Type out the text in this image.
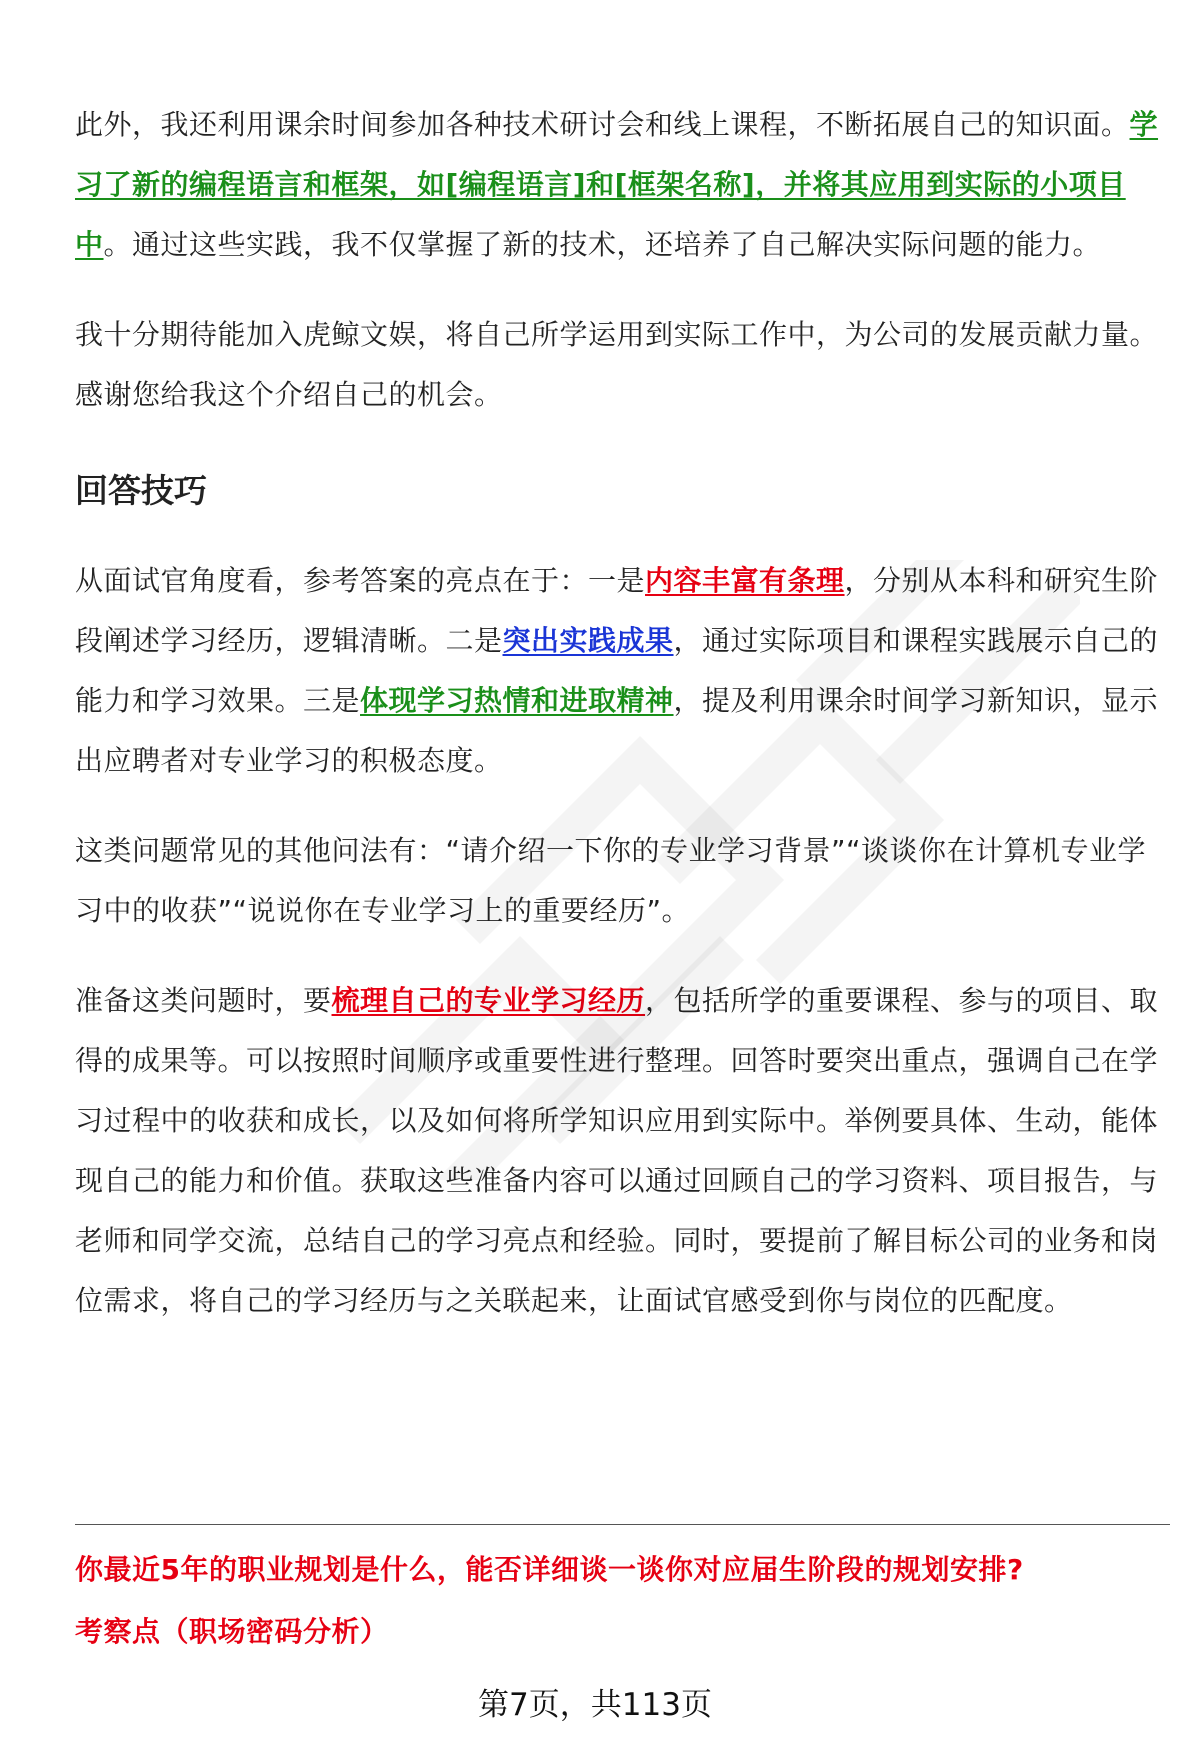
此外，我还利用课余时间参加各种技术研讨会和线上课程，不断拓展自己的知识面。学习了新的编程语言和框架，如[编程语言]和[框架名称]，并将其应用到实际的小项目中。通过这些实践，我不仅掌握了新的技术，还培养了自己解决实际问题的能力。

我十分期待能加入虎鲸文娱，将自己所学运用到实际工作中，为公司的发展贡献力量。感谢您给我这个介绍自己的机会。

回答技巧

从面试官角度看，参考答案的亮点在于：一是内容丰富有条理，分别从本科和研究生阶段阐述学习经历，逻辑清晰。二是突出实践成果，通过实际项目和课程实践展示自己的能力和学习效果。三是体现学习热情和进取精神，提及利用课余时间学习新知识，显示出应聘者对专业学习的积极态度。

这类问题常见的其他问法有：“请介绍一下你的专业学习背景”“谈谈你在计算机专业学习中的收获”“说说你在专业学习上的重要经历”。

准备这类问题时，要梳理自己的专业学习经历，包括所学的重要课程、参与的项目、取得的成果等。可以按照时间顺序或重要性进行整理。回答时要突出重点，强调自己在学习过程中的收获和成长，以及如何将所学知识应用到实际中。举例要具体、生动，能体现自己的能力和价值。获取这些准备内容可以通过回顾自己的学习资料、项目报告，与老师和同学交流，总结自己的学习亮点和经验。同时，要提前了解目标公司的业务和岗位需求，将自己的学习经历与之关联起来，让面试官感受到你与岗位的匹配度。

你最近5年的职业规划是什么，能否详细谈一谈你对应届生阶段的规划安排?

考察点（职场密码分析）

第7页，共113页
